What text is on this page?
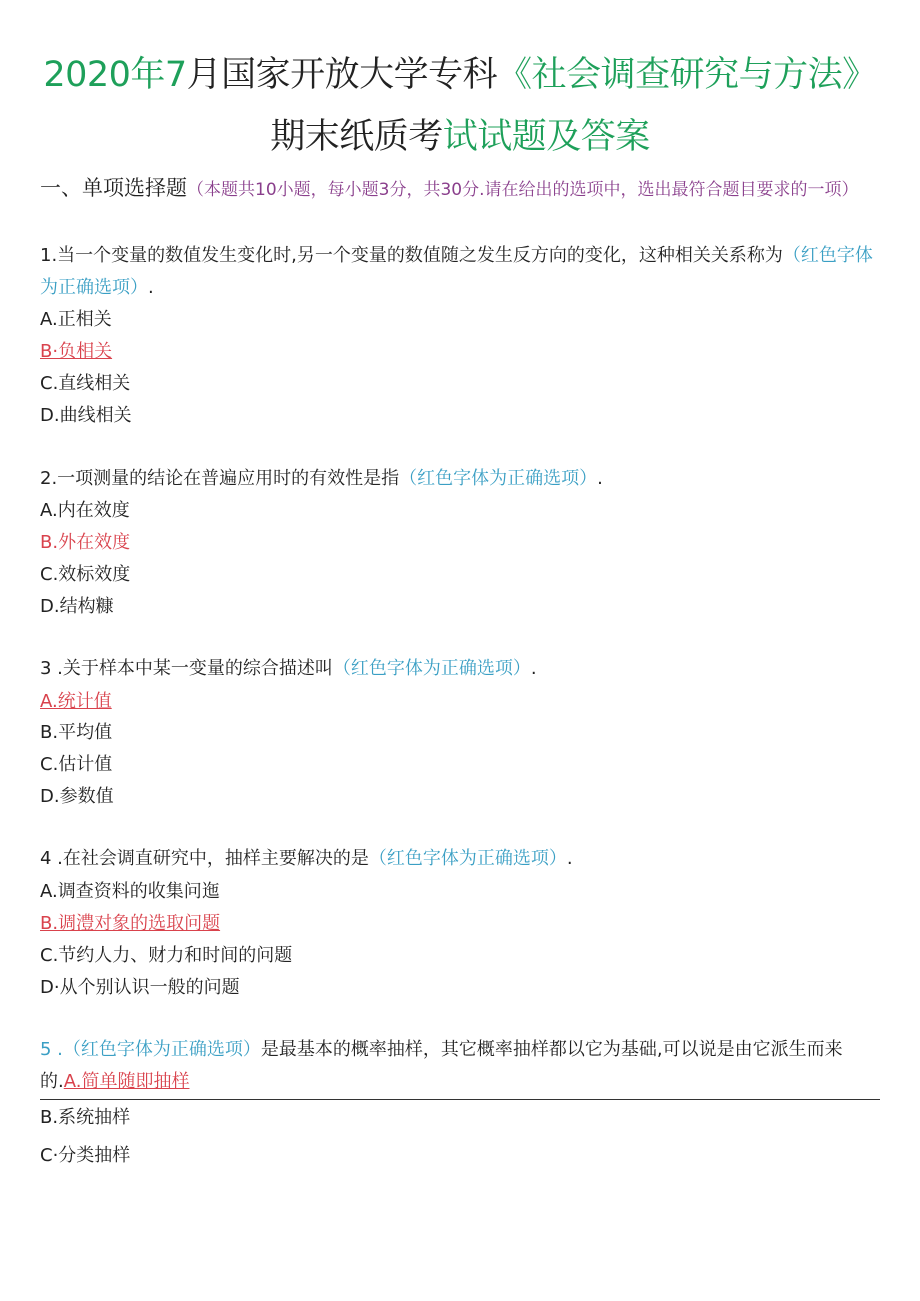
2020年7月国家开放大学专科《社会调查研究与方法》
期末纸质考试试题及答案
一、单项选择题（本题共10小题，每小题3分，共30分.请在给出的选项中，选出最符合题目要求的一项）
1.当一个变量的数值发生变化时,另一个变量的数值随之发生反方向的变化，这种相关关系称为（红色字体为正确选项）.
A.正相关
B·负相关
C.直线相关
D.曲线相关
2.一项测量的结论在普遍应用时的有效性是指（红色字体为正确选项）.
A.内在效度
B.外在效度
C.效标效度
D.结构糠
3 .关于样本中某一变量的综合描述叫（红色字体为正确选项）.
A.统计值
B.平均值
C.估计值
D.参数值
4 .在社会调直研究中，抽样主要解决的是（红色字体为正确选项）.
A.调查资料的收集问迤
B.调澧对象的选取问题
C.节约人力、财力和时间的问题
D·从个别认识一般的问题
5 .（红色字体为正确选项）是最基本的概率抽样，其它概率抽样都以它为基础,可以说是由它派生而来的.A.简单随即抽样
B.系统抽样
C·分类抽样
